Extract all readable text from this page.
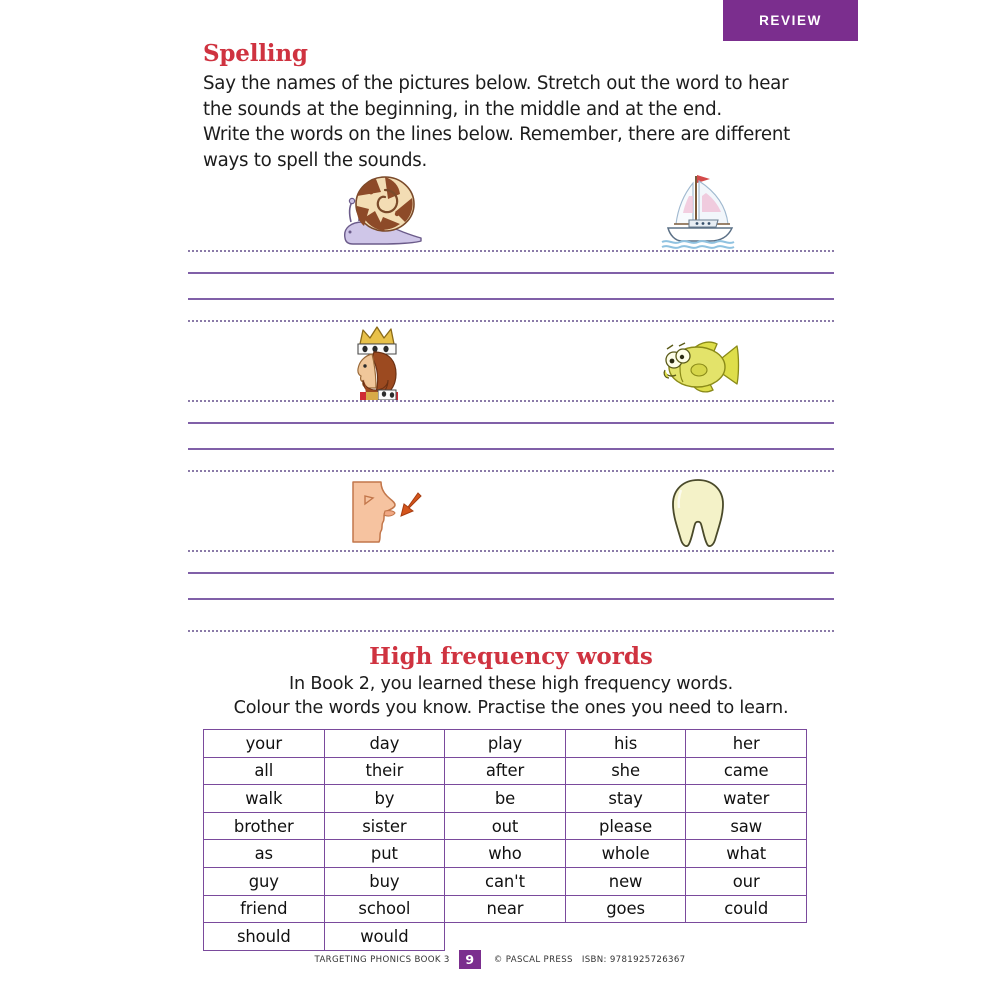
REVIEW
Spelling

Say the names of the pictures below. Stretch out the word to hear
the sounds at the beginning, in the middle and at the end.
Write the words on the lines below. Remember, there are different
ways to spell the sounds.

High frequency words
In Book 2, you learned these high frequency words.
Colour the words you know. Practise the ones you need to learn.
your	day	play	his	her
all	their	after	she	came
walk	by	be	stay	water
brother	sister	out	please	saw
as	put	who	whole	what
guy	buy	can't	new	our
friend	school	near	goes	could
should	would			
TARGETING PHONICS BOOK 3	9	© PASCAL PRESS ISBN: 9781925726367
